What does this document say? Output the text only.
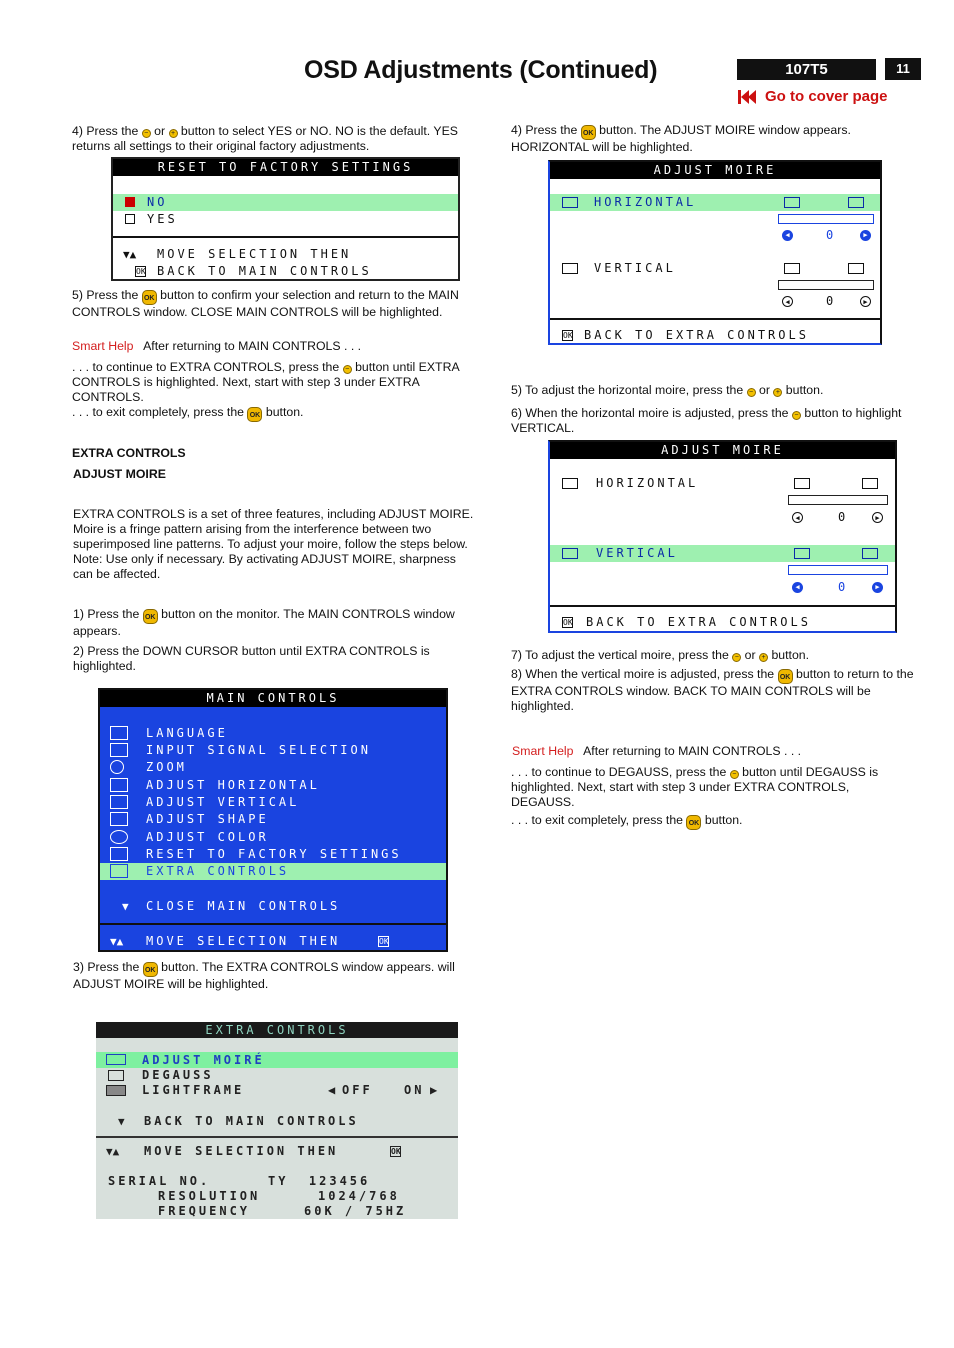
OSD Adjustments (Continued)	107T5	11
Go to cover page
4) Press the − or + button to select YES or NO. NO is the default. YES returns all settings to their original factory adjustments.
RESET TO FACTORY SETTINGS
NO
YES
▼▲ MOVE SELECTION THEN
OK BACK TO MAIN CONTROLS
5) Press the OK button to confirm your selection and return to the MAIN CONTROLS window. CLOSE MAIN CONTROLS will be highlighted.
Smart Help After returning to MAIN CONTROLS . . .
. . . to continue to EXTRA CONTROLS, press the − button until EXTRA CONTROLS is highlighted. Next, start with step 3 under EXTRA CONTROLS.
. . . to exit completely, press the OK button.
EXTRA CONTROLS
ADJUST MOIRE
EXTRA CONTROLS is a set of three features, including ADJUST MOIRE. Moire is a fringe pattern arising from the interference between two superimposed line patterns. To adjust your moire, follow the steps below. Note: Use only if necessary. By activating ADJUST MOIRE, sharpness can be affected.
1) Press the OK button on the monitor. The MAIN CONTROLS window appears.
2) Press the DOWN CURSOR button until EXTRA CONTROLS is highlighted.
MAIN CONTROLS
LANGUAGE
INPUT SIGNAL SELECTION
ZOOM
ADJUST HORIZONTAL
ADJUST VERTICAL
ADJUST SHAPE
ADJUST COLOR
RESET TO FACTORY SETTINGS
EXTRA CONTROLS
▼ CLOSE MAIN CONTROLS
▼▲ MOVE SELECTION THEN	OK
3) Press the OK button. The EXTRA CONTROLS window appears. will ADJUST MOIRE will be highlighted.
EXTRA CONTROLS
ADJUST MOIRÉ
DEGAUSS
LIGHTFRAME	◀ OFF	ON ▶
▼ BACK TO MAIN CONTROLS
▼▲ MOVE SELECTION THEN	OK
SERIAL NO.	TY  123456
RESOLUTION	1024/768
FREQUENCY	60K / 75HZ
4) Press the OK button. The ADJUST MOIRE window appears. HORIZONTAL will be highlighted.
ADJUST MOIRE
HORIZONTAL
◀	0	▶
VERTICAL
◀	0	▶
OK BACK TO EXTRA CONTROLS
5) To adjust the horizontal moire, press the − or + button.
6) When the horizontal moire is adjusted, press the − button to highlight VERTICAL.
ADJUST MOIRE
HORIZONTAL
◀	0	▶
VERTICAL
◀	0	▶
OK BACK TO EXTRA CONTROLS
7) To adjust the vertical moire, press the − or + button.
8) When the vertical moire is adjusted, press the OK button to return to the EXTRA CONTROLS window. BACK TO MAIN CONTROLS will be highlighted.
Smart Help After returning to MAIN CONTROLS . . .
. . . to continue to DEGAUSS, press the − button until DEGAUSS is highlighted. Next, start with step 3 under EXTRA CONTROLS, DEGAUSS.
. . . to exit completely, press the OK button.
